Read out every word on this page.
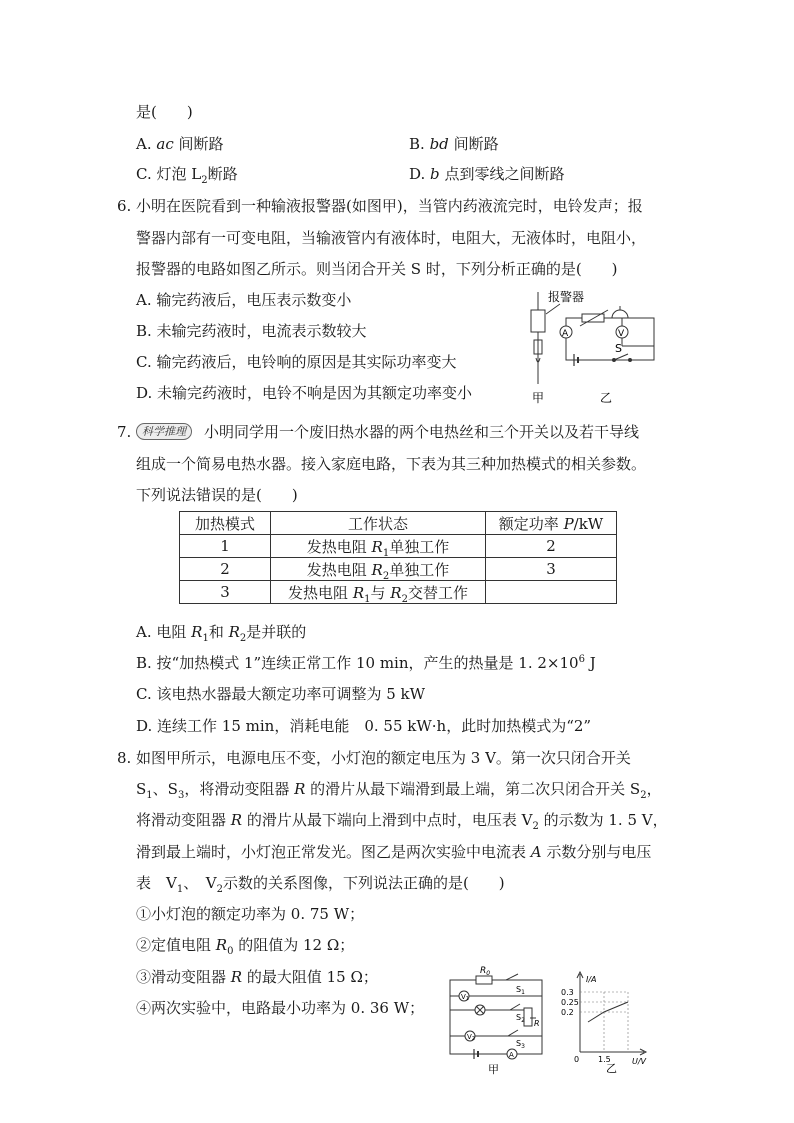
是(　　)
A. ac 间断路	B. bd 间断路
C. 灯泡 $L_2$断路	D. b 点到零线之间断路
6. 小明在医院看到一种输液报警器(如图甲)，当管内药液流完时，电铃发声；报
警器内部有一可变电阻，当输液管内有液体时，电阻大，无液体时，电阻小，
报警器的电路如图乙所示。则当闭合开关 S 时，下列分析正确的是(　　)
A. 输完药液后，电压表示数变小
B. 未输完药液时，电流表示数较大
C. 输完药液后，电铃响的原因是其实际功率变大
D. 未输完药液时，电铃不响是因为其额定功率变小
报警器
甲
A	V
S
乙
7. 科学推理	小明同学用一个废旧热水器的两个电热丝和三个开关以及若干导线
组成一个简易电热水器。接入家庭电路，下表为其三种加热模式的相关参数。
下列说法错误的是(　　)
加热模式	工作状态	额定功率 P/kW
1	发热电阻 $R_1$单独工作	2
2	发热电阻 $R_2$单独工作	3
3	发热电阻 $R_1$与 $R_2$交替工作	
A. 电阻 $R_1$和 $R_2$是并联的
B. 按“加热模式 1”连续正常工作 10 min，产生的热量是 1. $2\times 10^6$ J
C. 该电热水器最大额定功率可调整为 5 kW
D. 连续工作 15 min，消耗电能　0. 55 kW·h，此时加热模式为“2”
8. 如图甲所示，电源电压不变，小灯泡的额定电压为 3 V。第一次只闭合开关
$S_1$、$S_3$，将滑动变阻器 R 的滑片从最下端滑到最上端，第二次只闭合开关 $S_2$，
将滑动变阻器 R 的滑片从最下端向上滑到中点时，电压表 $V_2$ 的示数为 1. 5 V，
滑到最上端时，小灯泡正常发光。图乙是两次实验中电流表 A 示数分别与电压
表　$V_1$、　$V_2$示数的关系图像，下列说法正确的是(　　)
①小灯泡的额定功率为 0. 75 W；
②定值电阻 $R_0$ 的阻值为 12 Ω；
③滑动变阻器 R 的最大阻值 15 Ω；
④两次实验中，电路最小功率为 0. 36 W；
$R_0$
$S_1$
$S_2$ R
$S_3$
V1
V2
A
甲
0.3
0.25
0.2
0 1.5
I/A
U/V
乙
